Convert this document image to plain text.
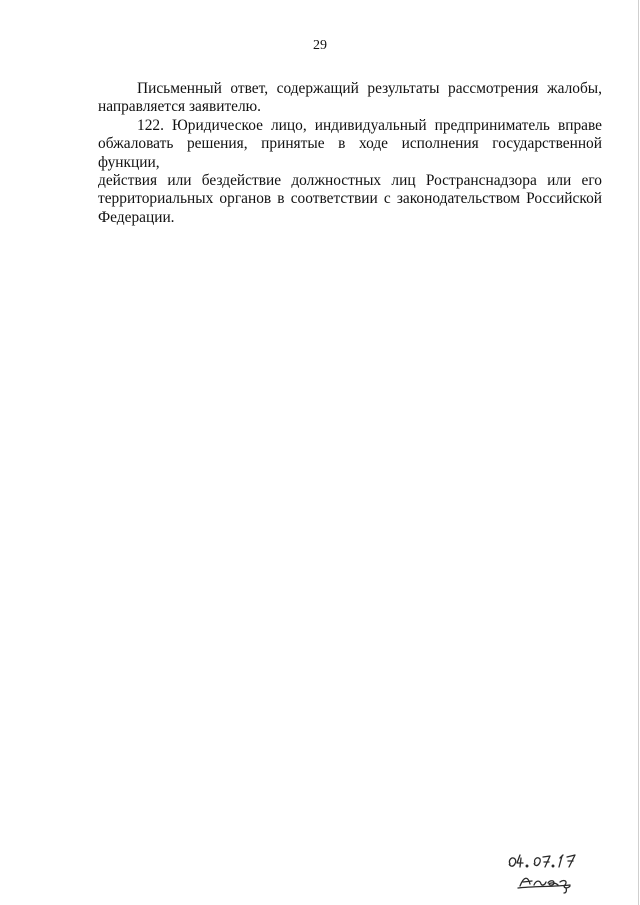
29
Письменный ответ, содержащий результаты рассмотрения жалобы,
направляется заявителю.
122. Юридическое лицо, индивидуальный предприниматель вправе
обжаловать решения, принятые в ходе исполнения государственной функции,
действия или бездействие должностных лиц Ространснадзора или его
территориальных органов в соответствии с законодательством Российской
Федерации.
